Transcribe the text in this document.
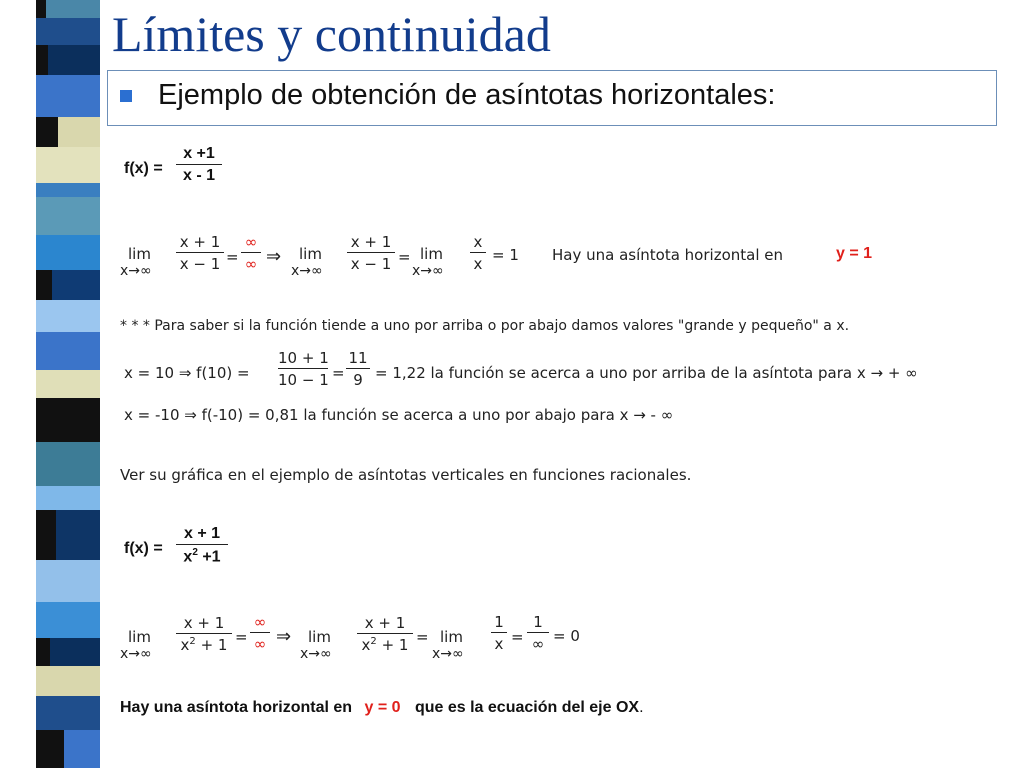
Límites y continuidad
Ejemplo de obtención de asíntotas horizontales:
f(x) =
x +1
x - 1
lim
x→∞
x + 1
x − 1 =
∞
∞ ⇒	lim
x→∞
x + 1
x − 1 = lim
x→∞
x
x = 1 Hay una asíntota horizontal en	y = 1
* * * Para saber si la función tiende a uno por arriba o por abajo damos valores "grande y pequeño" a x.
x = 10 ⇒ f(10) =
10 + 1
10 − 1 =
11
9 = 1,22 la función se acerca a uno por arriba de la asíntota para x → + ∞
x = -10 ⇒ f(-10) = 0,81 la función se acerca a uno por abajo para x → - ∞
Ver su gráfica en el ejemplo de asíntotas verticales en funciones racionales.
f(x) =
x + 1
$x^2 +1$
lim
x→∞
x + 1
$x^2 + 1$ =
∞
∞ ⇒	lim
x→∞
x + 1
$x^2 + 1 = \lim$
x→∞
1
x =
1
∞ = 0
Hay una asíntota horizontal en y = 0 que es la ecuación del eje OX.
